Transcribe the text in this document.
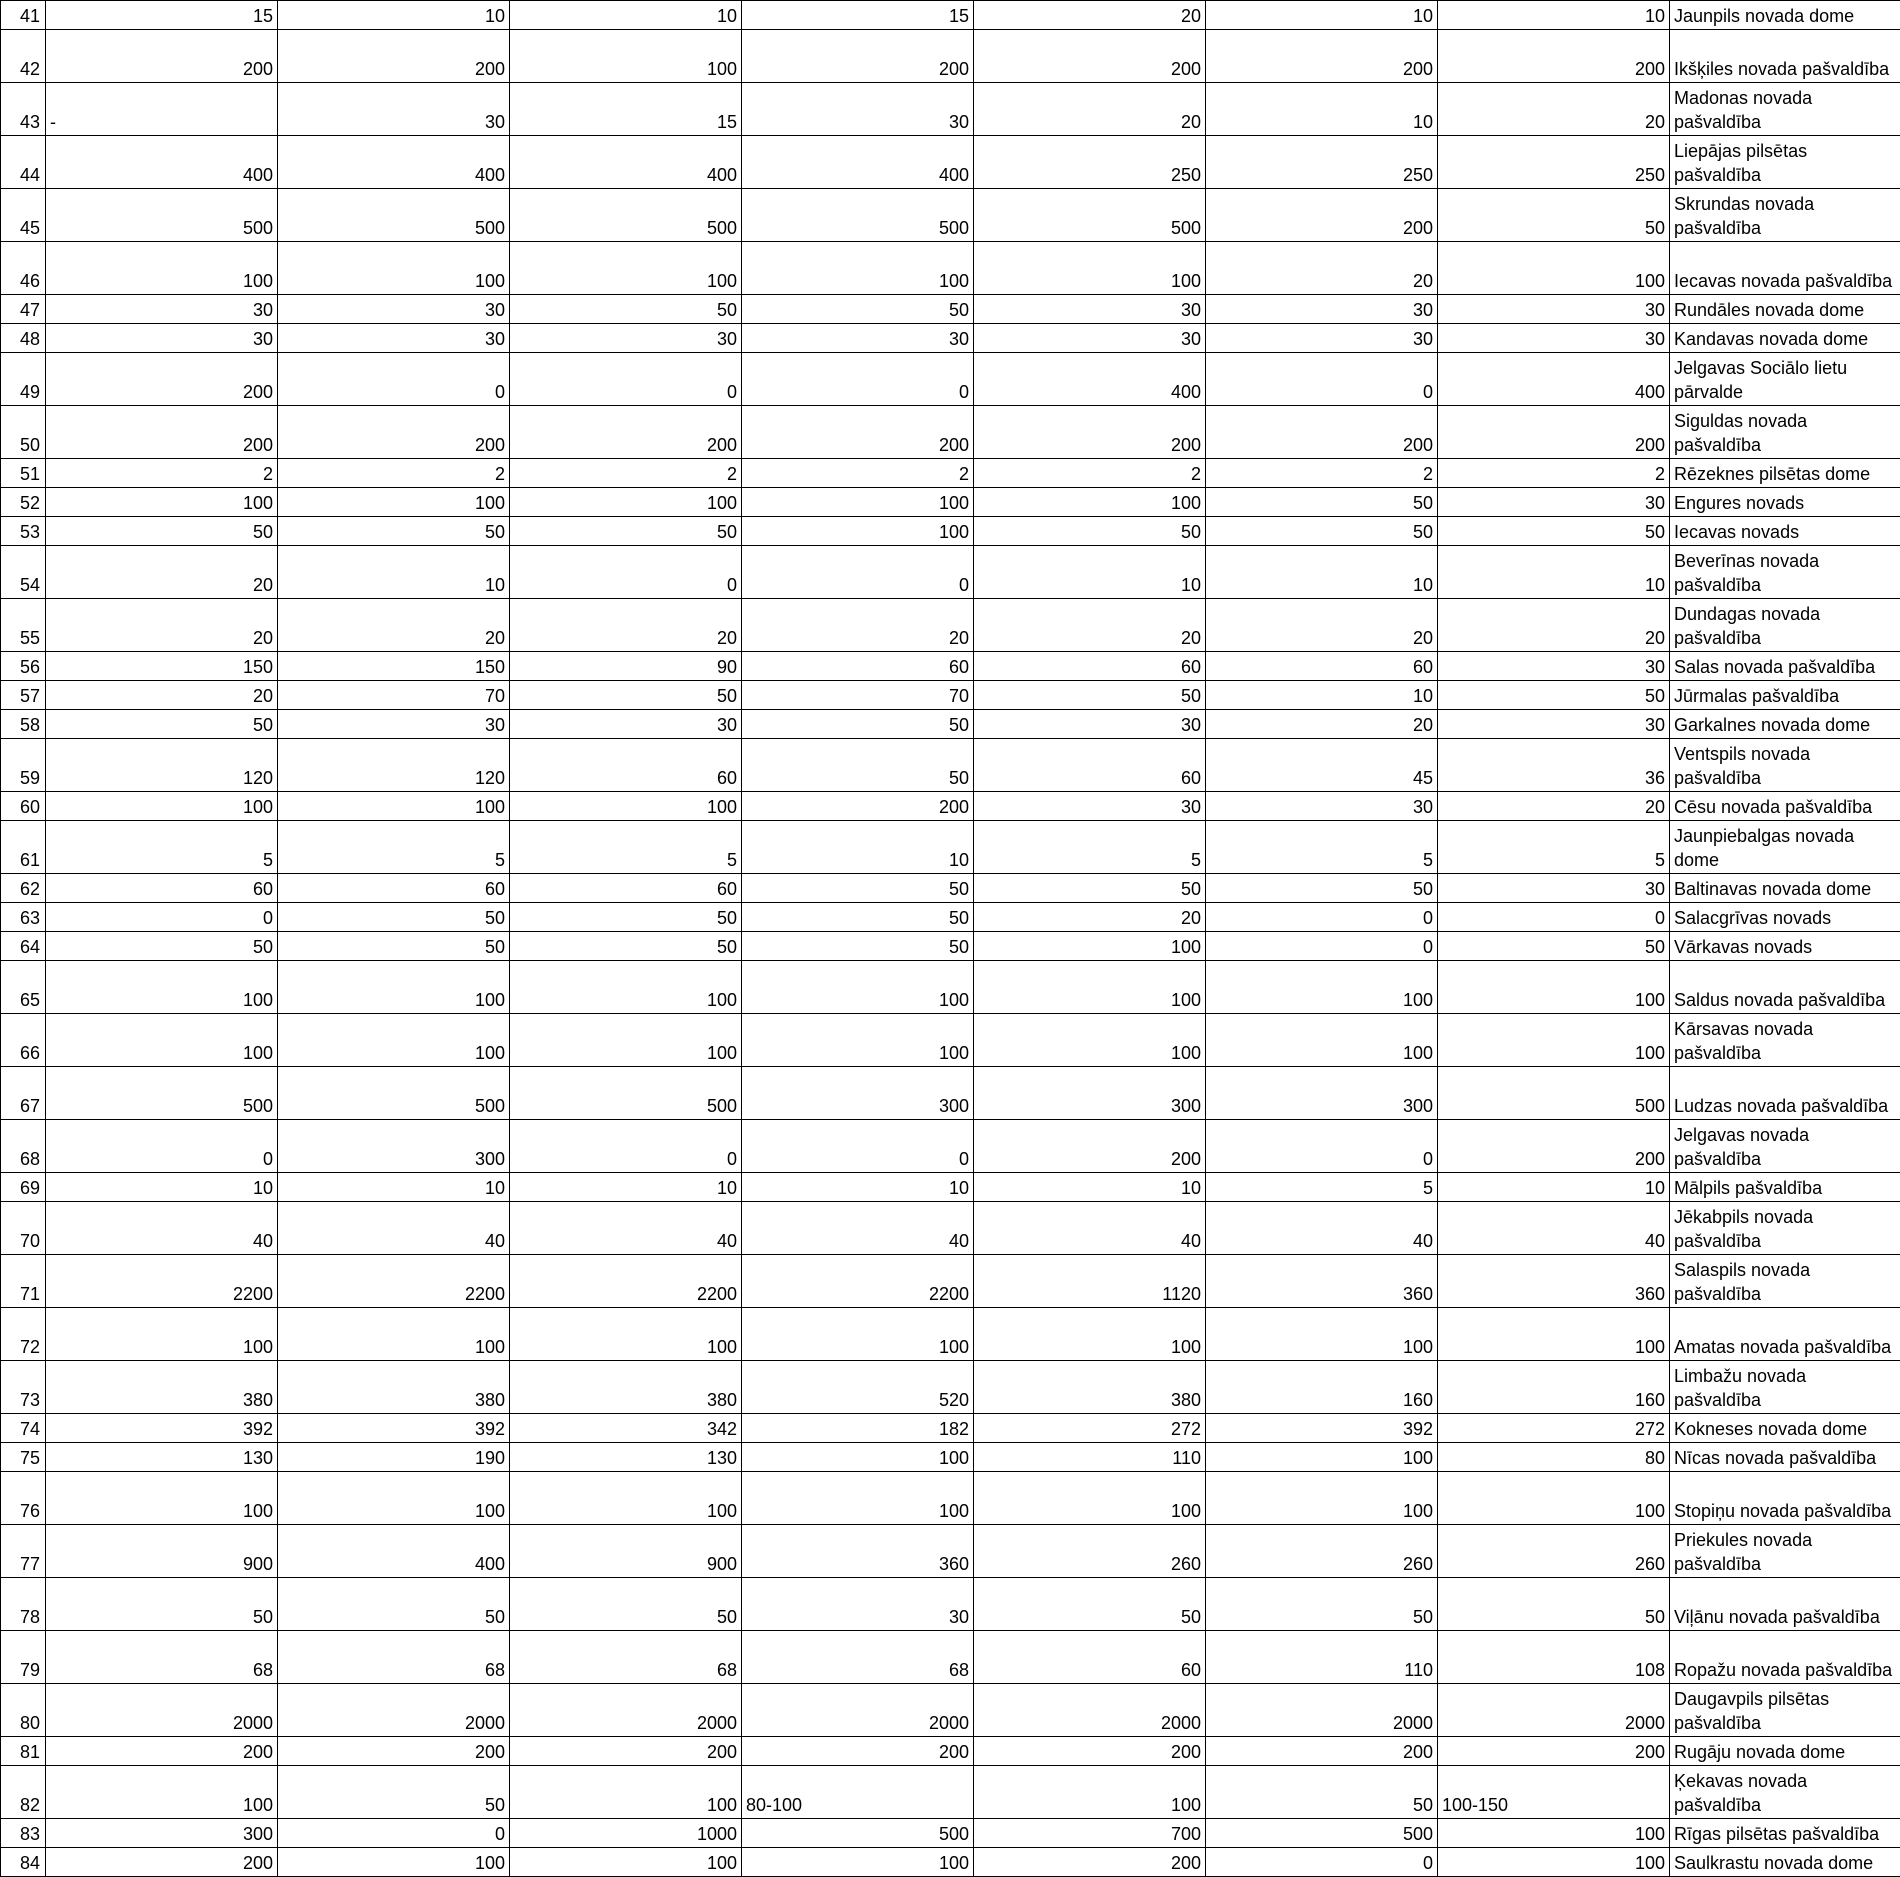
41	15	10	10	15	20	10	10	Jaunpils novada dome
42	200	200	100	200	200	200	200	Ikšķiles novada pašvaldība
43	-	30	15	30	20	10	20	Madonas novada pašvaldība
44	400	400	400	400	250	250	250	Liepājas pilsētas pašvaldība
45	500	500	500	500	500	200	50	Skrundas novada pašvaldība
46	100	100	100	100	100	20	100	Iecavas novada pašvaldība
47	30	30	50	50	30	30	30	Rundāles novada dome
48	30	30	30	30	30	30	30	Kandavas novada dome
49	200	0	0	0	400	0	400	Jelgavas Sociālo lietu pārvalde
50	200	200	200	200	200	200	200	Siguldas novada pašvaldība
51	2	2	2	2	2	2	2	Rēzeknes pilsētas dome
52	100	100	100	100	100	50	30	Engures novads
53	50	50	50	100	50	50	50	Iecavas novads
54	20	10	0	0	10	10	10	Beverīnas novada pašvaldība
55	20	20	20	20	20	20	20	Dundagas novada pašvaldība
56	150	150	90	60	60	60	30	Salas novada pašvaldība
57	20	70	50	70	50	10	50	Jūrmalas pašvaldība
58	50	30	30	50	30	20	30	Garkalnes novada dome
59	120	120	60	50	60	45	36	Ventspils novada pašvaldība
60	100	100	100	200	30	30	20	Cēsu novada pašvaldība
61	5	5	5	10	5	5	5	Jaunpiebalgas novada dome
62	60	60	60	50	50	50	30	Baltinavas novada dome
63	0	50	50	50	20	0	0	Salacgrīvas novads
64	50	50	50	50	100	0	50	Vārkavas novads
65	100	100	100	100	100	100	100	Saldus novada pašvaldība
66	100	100	100	100	100	100	100	Kārsavas novada pašvaldība
67	500	500	500	300	300	300	500	Ludzas novada pašvaldība
68	0	300	0	0	200	0	200	Jelgavas novada pašvaldība
69	10	10	10	10	10	5	10	Mālpils pašvaldība
70	40	40	40	40	40	40	40	Jēkabpils novada pašvaldība
71	2200	2200	2200	2200	1120	360	360	Salaspils novada pašvaldība
72	100	100	100	100	100	100	100	Amatas novada pašvaldība
73	380	380	380	520	380	160	160	Limbažu novada pašvaldība
74	392	392	342	182	272	392	272	Kokneses novada dome
75	130	190	130	100	110	100	80	Nīcas novada pašvaldība
76	100	100	100	100	100	100	100	Stopiņu novada pašvaldība
77	900	400	900	360	260	260	260	Priekules novada pašvaldība
78	50	50	50	30	50	50	50	Viļānu novada pašvaldība
79	68	68	68	68	60	110	108	Ropažu novada pašvaldība
80	2000	2000	2000	2000	2000	2000	2000	Daugavpils pilsētas pašvaldība
81	200	200	200	200	200	200	200	Rugāju novada dome
82	100	50	100	80-100	100	50	100-150	Ķekavas novada pašvaldība
83	300	0	1000	500	700	500	100	Rīgas pilsētas pašvaldība
84	200	100	100	100	200	0	100	Saulkrastu novada dome
